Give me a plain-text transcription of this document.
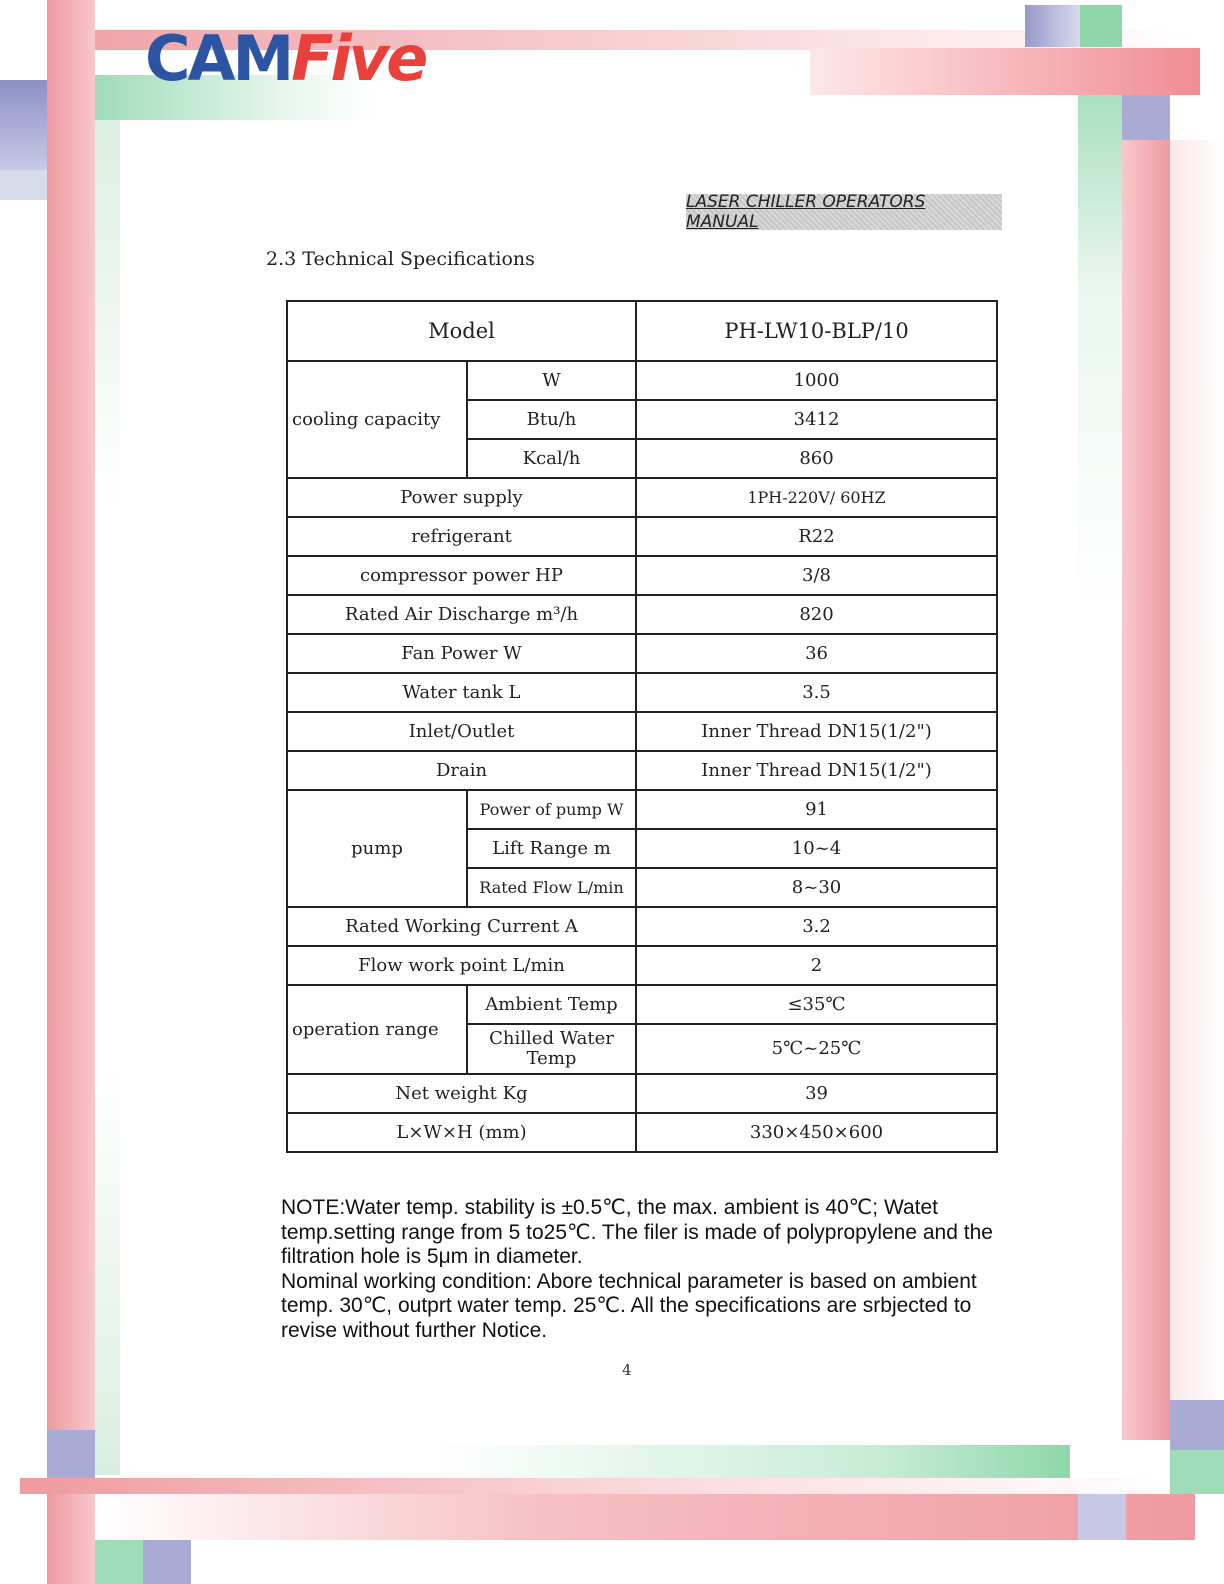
CAMFive
LASER CHILLER OPERATORS MANUAL
2.3 Technical Specifications
Model		PH-LW10-BLP/10
cooling capacity	W	1000
	Btu/h	3412
	Kcal/h	860
Power supply		1PH-220V/ 60HZ
refrigerant		R22
compressor power HP		3/8
Rated Air Discharge m³/h		820
Fan Power W		36
Water tank L		3.5
Inlet/Outlet		Inner Thread DN15(1/2")
Drain		Inner Thread DN15(1/2")
pump	Power of pump W	91
	Lift Range m	10~4
	Rated Flow L/min	8~30
Rated Working Current A		3.2
Flow work point L/min		2
operation range	Ambient Temp	≤35℃
	Chilled Water Temp	5℃~25℃
Net weight Kg		39
L×W×H (mm)		330×450×600
NOTE:Water temp. stability is ±0.5℃, the max. ambient is 40℃; Watet temp.setting range from 5 to25℃. The filer is made of polypropylene and the filtration hole is 5μm in diameter.
Nominal working condition: Abore technical parameter is based on ambient temp. 30℃, outprt water temp. 25℃. All the specifications are srbjected to revise without further Notice.
4
